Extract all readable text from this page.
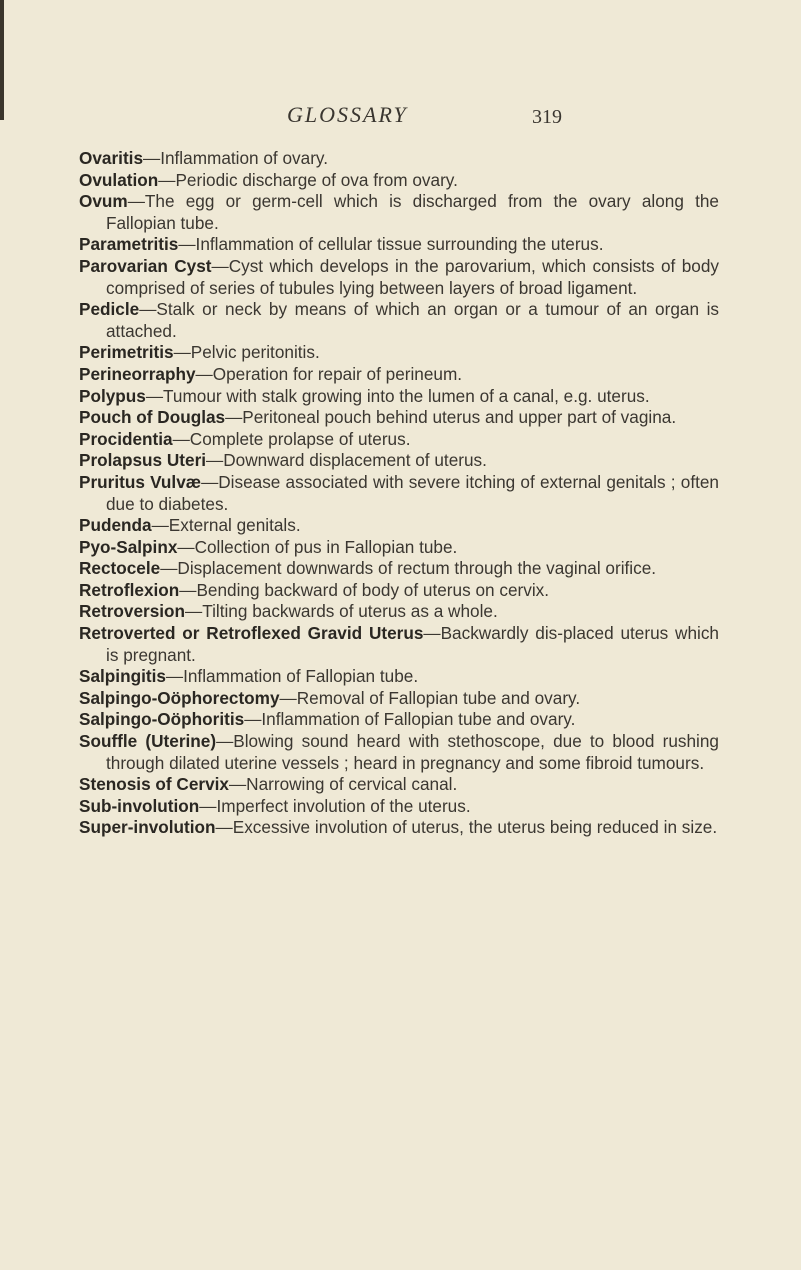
GLOSSARY	319

Ovaritis—Inflammation of ovary.

Ovulation—Periodic discharge of ova from ovary.

Ovum—The egg or germ-cell which is discharged from the ovary along the Fallopian tube.

Parametritis—Inflammation of cellular tissue surrounding the uterus.

Parovarian Cyst—Cyst which develops in the parovarium, which consists of body comprised of series of tubules lying between layers of broad ligament.

Pedicle—Stalk or neck by means of which an organ or a tumour of an organ is attached.

Perimetritis—Pelvic peritonitis.

Perineorraphy—Operation for repair of perineum.

Polypus—Tumour with stalk growing into the lumen of a canal, e.g. uterus.

Pouch of Douglas—Peritoneal pouch behind uterus and upper part of vagina.

Procidentia—Complete prolapse of uterus.

Prolapsus Uteri—Downward displacement of uterus.

Pruritus Vulvæ—Disease associated with severe itching of external genitals ; often due to diabetes.

Pudenda—External genitals.

Pyo-Salpinx—Collection of pus in Fallopian tube.

Rectocele—Displacement downwards of rectum through the vaginal orifice.

Retroflexion—Bending backward of body of uterus on cervix.

Retroversion—Tilting backwards of uterus as a whole.

Retroverted or Retroflexed Gravid Uterus—Backwardly dis-placed uterus which is pregnant.

Salpingitis—Inflammation of Fallopian tube.

Salpingo-Oöphorectomy—Removal of Fallopian tube and ovary.

Salpingo-Oöphoritis—Inflammation of Fallopian tube and ovary.

Souffle (Uterine)—Blowing sound heard with stethoscope, due to blood rushing through dilated uterine vessels ; heard in pregnancy and some fibroid tumours.

Stenosis of Cervix—Narrowing of cervical canal.

Sub-involution—Imperfect involution of the uterus.

Super-involution—Excessive involution of uterus, the uterus being reduced in size.
